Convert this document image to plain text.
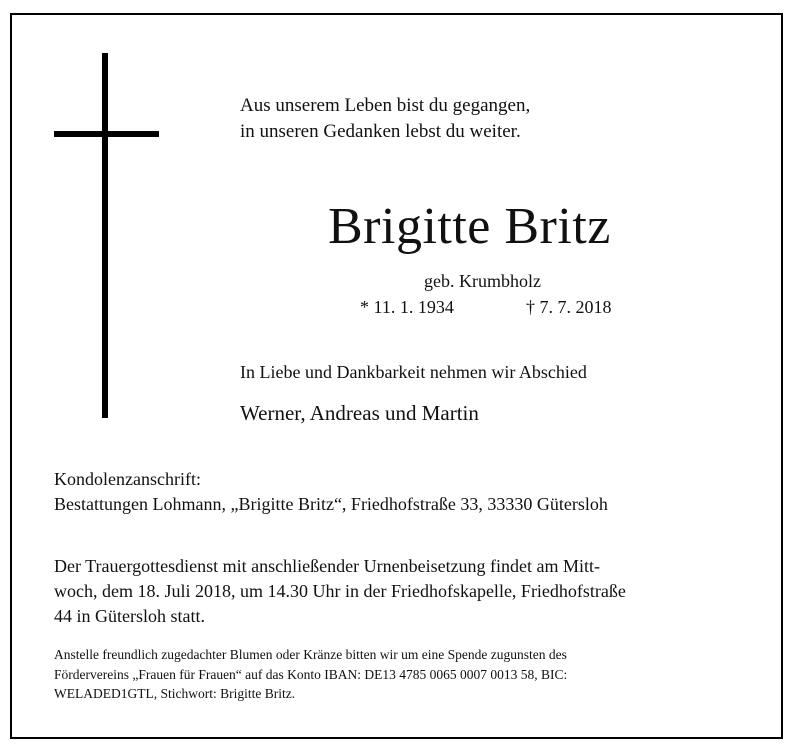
Aus unserem Leben bist du gegangen,
in unseren Gedanken lebst du weiter.
Brigitte Britz
geb. Krumbholz
* 11. 1. 1934	† 7. 7. 2018
In Liebe und Dankbarkeit nehmen wir Abschied
Werner, Andreas und Martin
Kondolenzanschrift:
Bestattungen Lohmann, „Brigitte Britz“, Friedhofstraße 33, 33330 Gütersloh
Der Trauergottesdienst mit anschließender Urnenbeisetzung findet am Mitt-
woch, dem 18. Juli 2018, um 14.30 Uhr in der Friedhofskapelle, Friedhofstraße
44 in Gütersloh statt.
Anstelle freundlich zugedachter Blumen oder Kränze bitten wir um eine Spende zugunsten des
Fördervereins „Frauen für Frauen“ auf das Konto IBAN: DE13 4785 0065 0007 0013 58, BIC:
WELADED1GTL, Stichwort: Brigitte Britz.
